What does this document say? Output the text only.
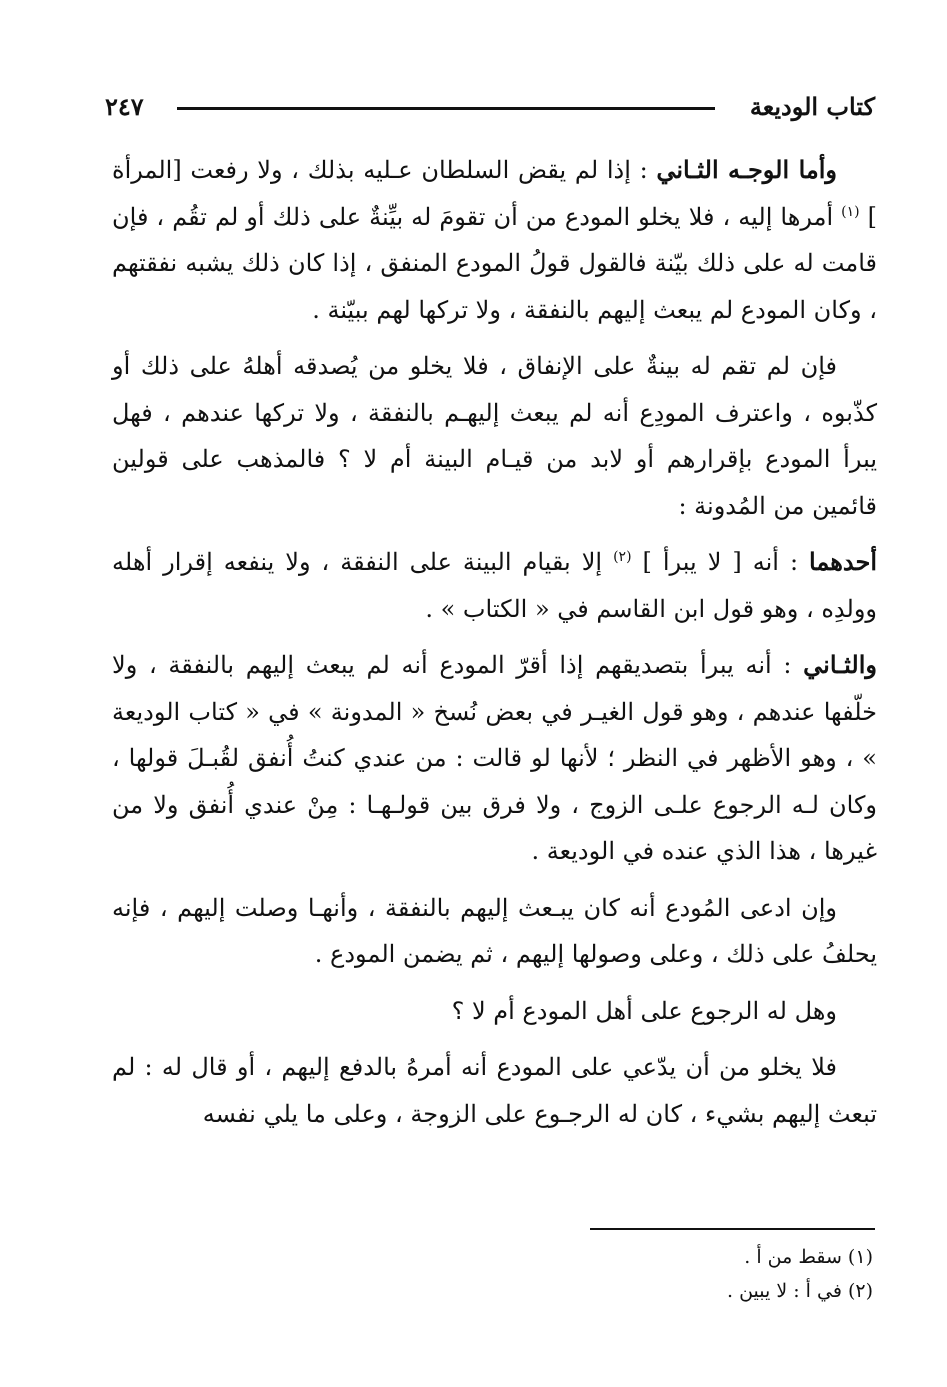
كتاب الوديعة
٢٤٧

وأما الوجـه الثـاني : إذا لم يقض السلطان عـليه بذلك ، ولا رفعت [المرأة ] $^{(١)}$ أمرها إليه ، فلا يخلو المودع من أن تقومَ له بيِّنةٌ على ذلك أو لم تقُم ، فإن قامت له على ذلك بيّنة فالقول قولُ المودع المنفق ، إذا كان ذلك يشبه نفقتهم ، وكان المودع لم يبعث إليهم بالنفقة ، ولا تركها لهم ببيّنة .

فإن لم تقم له بينةٌ على الإنفاق ، فلا يخلو من يُصدقه أهلهُ على ذلك أو كذّبوه ، واعترف المودِع أنه لم يبعث إليهـم بالنفقة ، ولا تركها عندهم ، فهل يبرأ المودع بإقرارهم أو لابد من قيـام البينة أم لا ؟ فالمذهب على قولين قائمين من المُدونة :

أحدهما : أنه [ لا يبرأ ] $^{(٢)}$ إلا بقيام البينة على النفقة ، ولا ينفعه إقرار أهله وولدِه ، وهو قول ابن القاسم في « الكتاب » .

والثـاني : أنه يبرأ بتصديقهم إذا أقرّ المودع أنه لم يبعث إليهم بالنفقة ، ولا خلّفها عندهم ، وهو قول الغيـر في بعض نُسخ « المدونة » في « كتاب الوديعة » ، وهو الأظهر في النظر ؛ لأنها لو قالت : من عندي كنتُ أُنفق لقُبـلَ قولها ، وكان لـه الرجوع علـى الزوج ، ولا فرق بين قولـهـا : مِنْ عندي أُنفق ولا من غيرها ، هذا الذي عنده في الوديعة .

وإن ادعى المُودع أنه كان يبـعث إليهم بالنفقة ، وأنهـا وصلت إليهم ، فإنه يحلفُ على ذلك ، وعلى وصولها إليهم ، ثم يضمن المودع .

وهل له الرجوع على أهل المودع أم لا ؟

فلا يخلو من أن يدّعي على المودع أنه أمرهُ بالدفع إليهم ، أو قال له : لم تبعث إليهم بشيء ، كان له الرجـوع على الزوجة ، وعلى ما يلي نفسه

(١) سقط من أ .
(٢) في أ : لا يبين .
